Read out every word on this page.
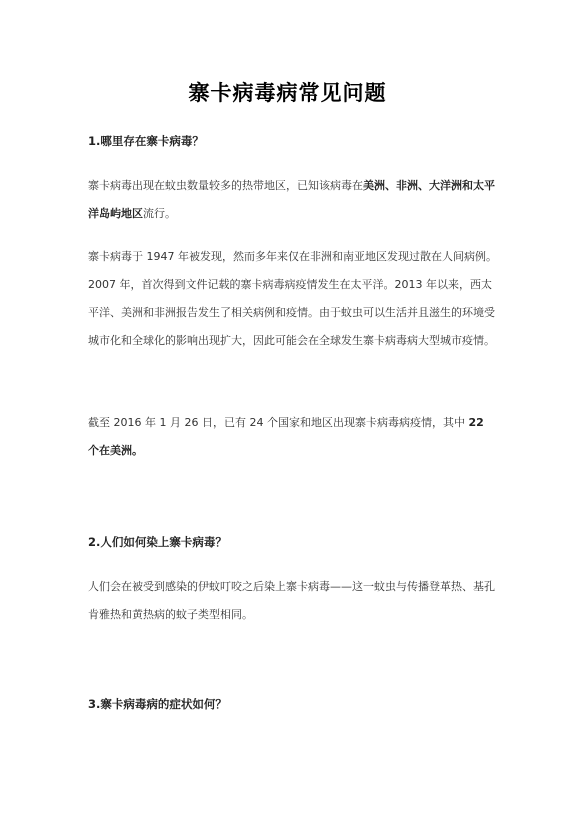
寨卡病毒病常见问题
1.哪里存在寨卡病毒？

寨卡病毒出现在蚊虫数量较多的热带地区，已知该病毒在美洲、非洲、大洋洲和太平洋岛屿地区流行。

寨卡病毒于 1947 年被发现，然而多年来仅在非洲和南亚地区发现过散在人间病例。2007 年，首次得到文件记载的寨卡病毒病疫情发生在太平洋。2013 年以来，西太平洋、美洲和非洲报告发生了相关病例和疫情。由于蚊虫可以生活并且滋生的环境受城市化和全球化的影响出现扩大，因此可能会在全球发生寨卡病毒病大型城市疫情。

截至 2016 年 1 月 26 日，已有 24 个国家和地区出现寨卡病毒病疫情，其中 22 个在美洲。

2.人们如何染上寨卡病毒？

人们会在被受到感染的伊蚊叮咬之后染上寨卡病毒——这一蚊虫与传播登革热、基孔肯雅热和黄热病的蚊子类型相同。

3.寨卡病毒病的症状如何？
